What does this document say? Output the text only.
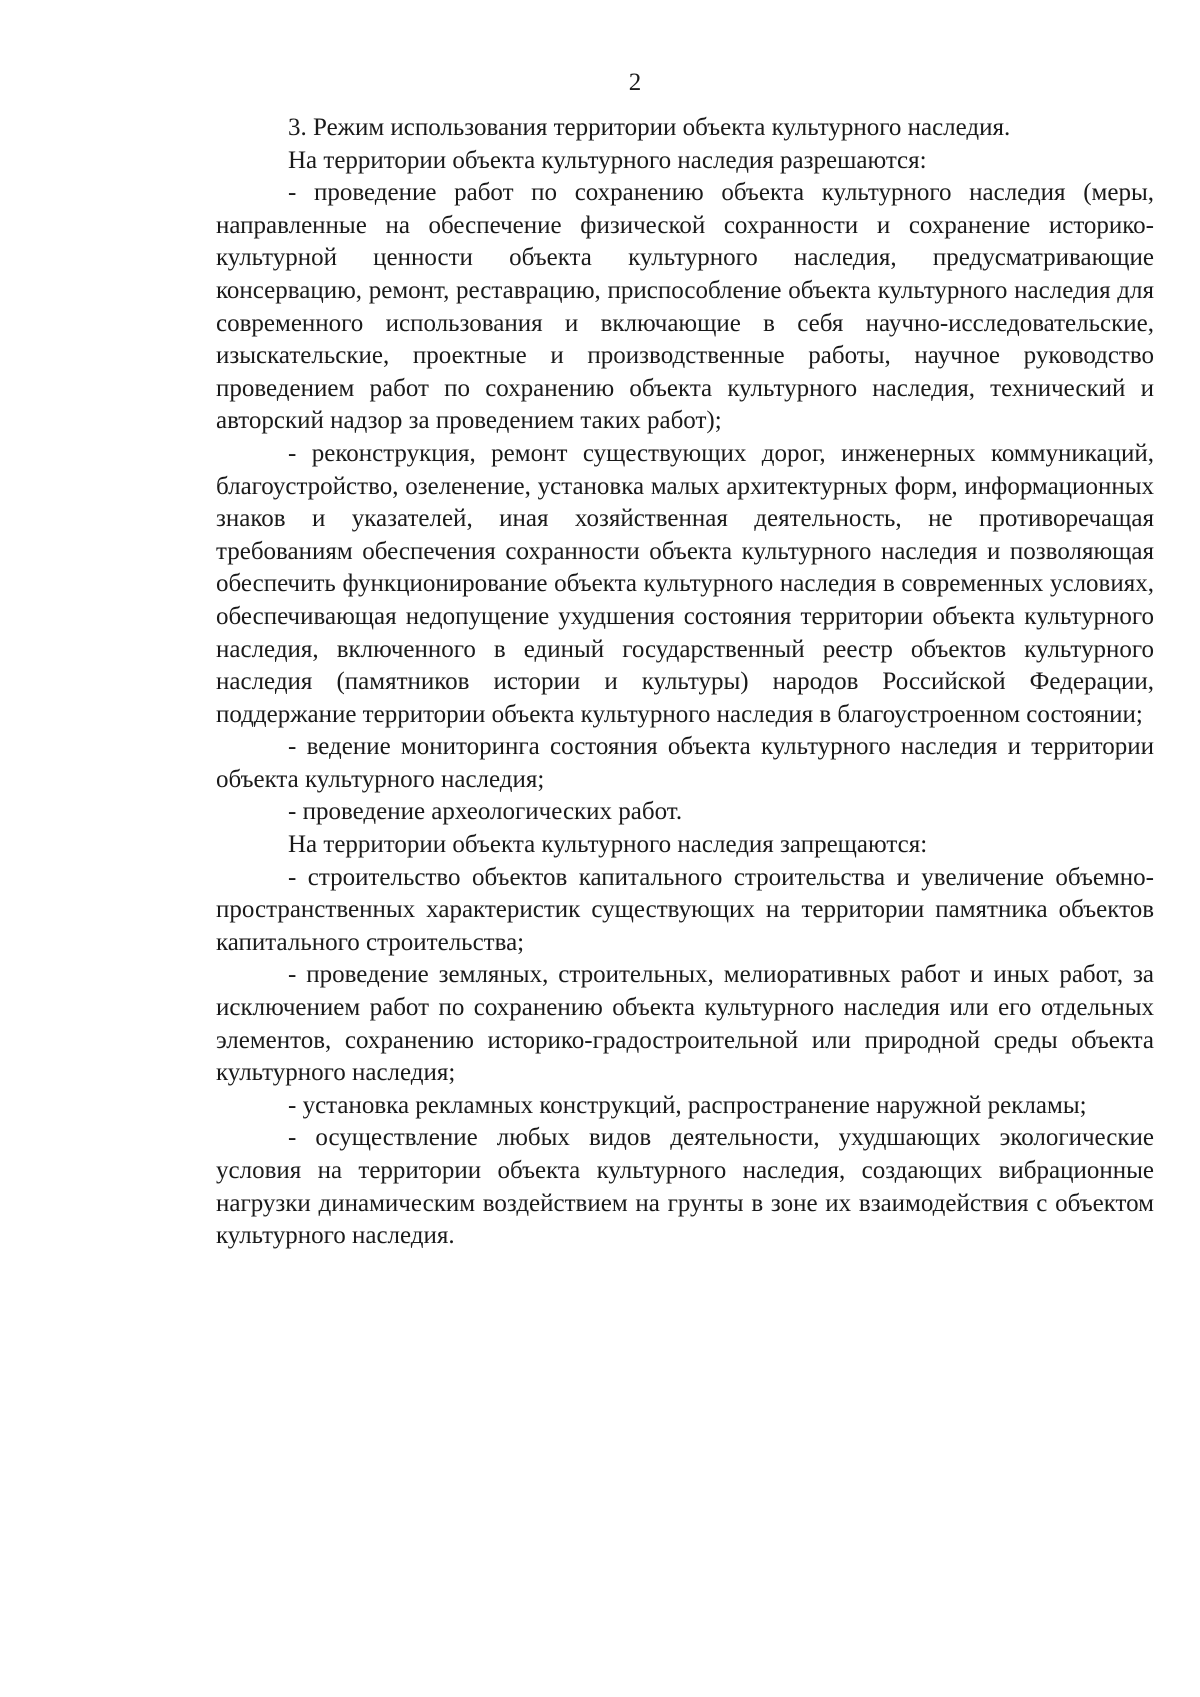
2

3. Режим использования территории объекта культурного наследия.

На территории объекта культурного наследия разрешаются:

- проведение работ по сохранению объекта культурного наследия (меры, направленные на обеспечение физической сохранности и сохранение историко-культурной ценности объекта культурного наследия, предусматривающие консервацию, ремонт, реставрацию, приспособление объекта культурного наследия для современного использования и включающие в себя научно-исследовательские, изыскательские, проектные и производственные работы, научное руководство проведением работ по сохранению объекта культурного наследия, технический и авторский надзор за проведением таких работ);

- реконструкция, ремонт существующих дорог, инженерных коммуникаций, благоустройство, озеленение, установка малых архитектурных форм, информационных знаков и указателей, иная хозяйственная деятельность, не противоречащая требованиям обеспечения сохранности объекта культурного наследия и позволяющая обеспечить функционирование объекта культурного наследия в современных условиях, обеспечивающая недопущение ухудшения состояния территории объекта культурного наследия, включенного в единый государственный реестр объектов культурного наследия (памятников истории и культуры) народов Российской Федерации, поддержание территории объекта культурного наследия в благоустроенном состоянии;

- ведение мониторинга состояния объекта культурного наследия и территории объекта культурного наследия;

- проведение археологических работ.

На территории объекта культурного наследия запрещаются:

- строительство объектов капитального строительства и увеличение объемно-пространственных характеристик существующих на территории памятника объектов капитального строительства;

- проведение земляных, строительных, мелиоративных работ и иных работ, за исключением работ по сохранению объекта культурного наследия или его отдельных элементов, сохранению историко-градостроительной или природной среды объекта культурного наследия;

- установка рекламных конструкций, распространение наружной рекламы;

- осуществление любых видов деятельности, ухудшающих экологические условия на территории объекта культурного наследия, создающих вибрационные нагрузки динамическим воздействием на грунты в зоне их взаимодействия с объектом культурного наследия.
